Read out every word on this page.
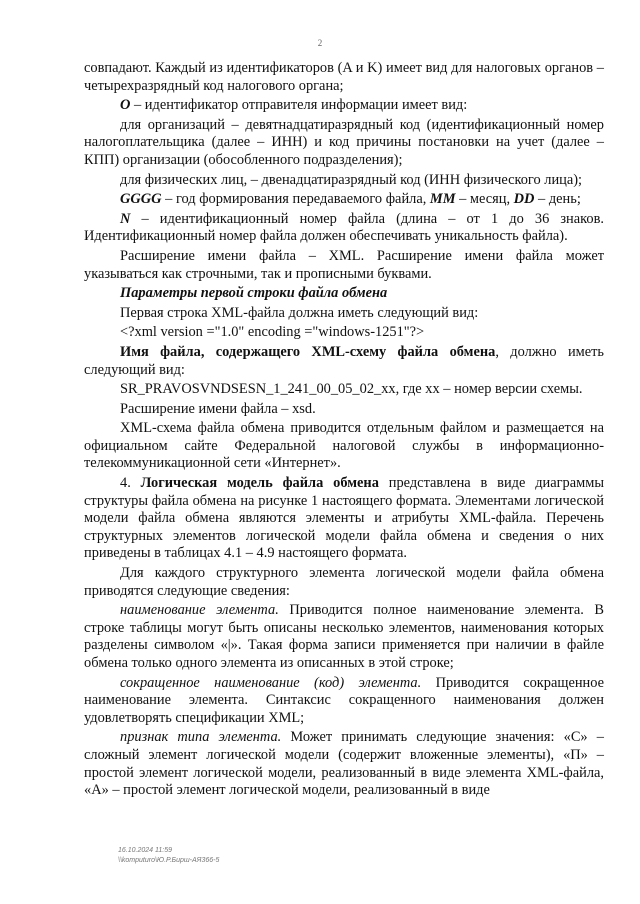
2

совпадают. Каждый из идентификаторов (A и K) имеет вид для налоговых органов – четырехразрядный код налогового органа;

O – идентификатор отправителя информации имеет вид:

для организаций – девятнадцатиразрядный код (идентификационный номер налогоплательщика (далее – ИНН) и код причины постановки на учет (далее – КПП) организации (обособленного подразделения);

для физических лиц, – двенадцатиразрядный код (ИНН физического лица);

GGGG – год формирования передаваемого файла, MM – месяц, DD – день;

N – идентификационный номер файла (длина – от 1 до 36 знаков. Идентификационный номер файла должен обеспечивать уникальность файла).

Расширение имени файла – XML. Расширение имени файла может указываться как строчными, так и прописными буквами.

Параметры первой строки файла обмена

Первая строка XML-файла должна иметь следующий вид:

<?xml version ="1.0" encoding ="windows-1251"?>

Имя файла, содержащего XML-схему файла обмена, должно иметь следующий вид:

SR_PRAVOSVNDSESN_1_241_00_05_02_xx, где xx – номер версии схемы.

Расширение имени файла – xsd.

XML-схема файла обмена приводится отдельным файлом и размещается на официальном сайте Федеральной налоговой службы в информационно-телекоммуникационной сети «Интернет».

4. Логическая модель файла обмена представлена в виде диаграммы структуры файла обмена на рисунке 1 настоящего формата. Элементами логической модели файла обмена являются элементы и атрибуты XML-файла. Перечень структурных элементов логической модели файла обмена и сведения о них приведены в таблицах 4.1 – 4.9 настоящего формата.

Для каждого структурного элемента логической модели файла обмена приводятся следующие сведения:

наименование элемента. Приводится полное наименование элемента. В строке таблицы могут быть описаны несколько элементов, наименования которых разделены символом «|». Такая форма записи применяется при наличии в файле обмена только одного элемента из описанных в этой строке;

сокращенное наименование (код) элемента. Приводится сокращенное наименование элемента. Синтаксис сокращенного наименования должен удовлетворять спецификации XML;

признак типа элемента. Может принимать следующие значения: «С» – сложный элемент логической модели (содержит вложенные элементы), «П» – простой элемент логической модели, реализованный в виде элемента XML-файла, «А» – простой элемент логической модели, реализованный в виде

16.10.2024 11:59
\\komputuro\Ю.Р.Бирш-АЯ366-5
